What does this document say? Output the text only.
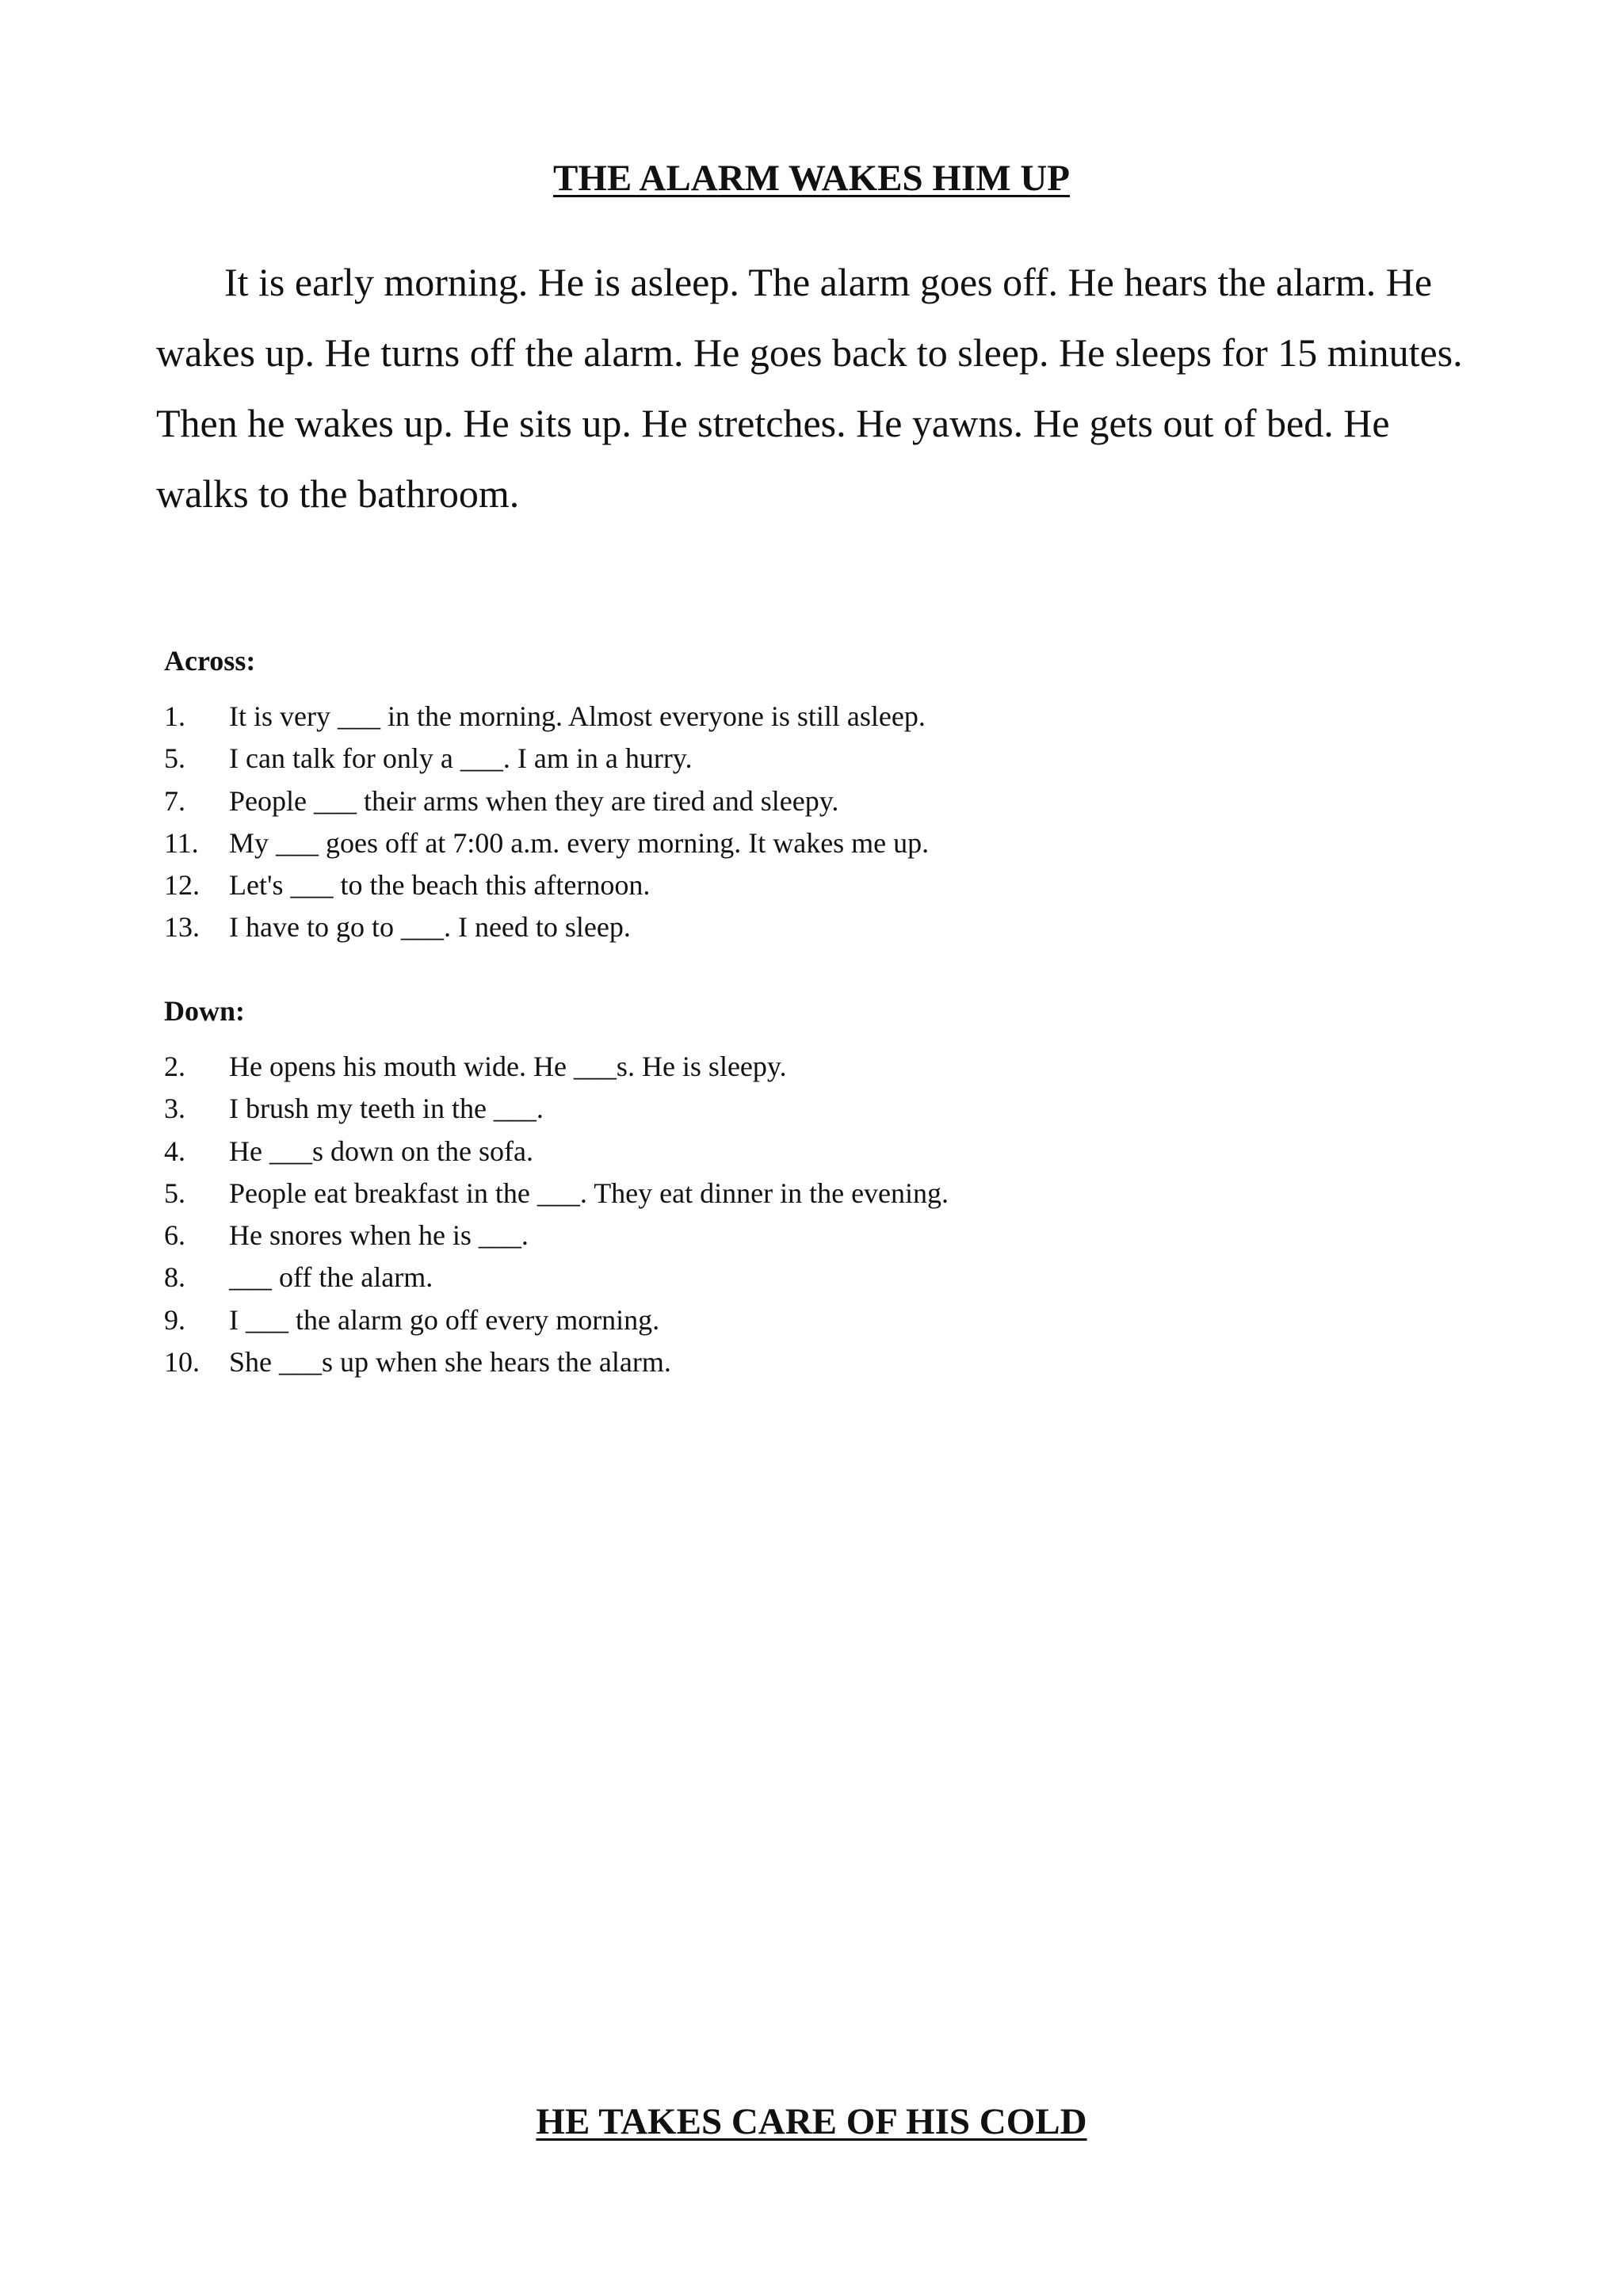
THE ALARM WAKES HIM UP

It is early morning. He is asleep. The alarm goes off. He hears the alarm. He wakes up. He turns off the alarm. He goes back to sleep. He sleeps for 15 minutes. Then he wakes up. He sits up. He stretches. He yawns. He gets out of bed. He walks to the bathroom.

Across:
1.	It is very ___ in the morning. Almost everyone is still asleep.
5.	I can talk for only a ___. I am in a hurry.
7.	People ___ their arms when they are tired and sleepy.
11.	My ___ goes off at 7:00 a.m. every morning. It wakes me up.
12.	Let's ___ to the beach this afternoon.
13.	I have to go to ___. I need to sleep.
Down:
2.	He opens his mouth wide. He ___s. He is sleepy.
3.	I brush my teeth in the ___.
4.	He ___s down on the sofa.
5.	People eat breakfast in the ___. They eat dinner in the evening.
6.	He snores when he is ___.
8.	___ off the alarm.
9.	I ___ the alarm go off every morning.
10.	She ___s up when she hears the alarm.
HE TAKES CARE OF HIS COLD
